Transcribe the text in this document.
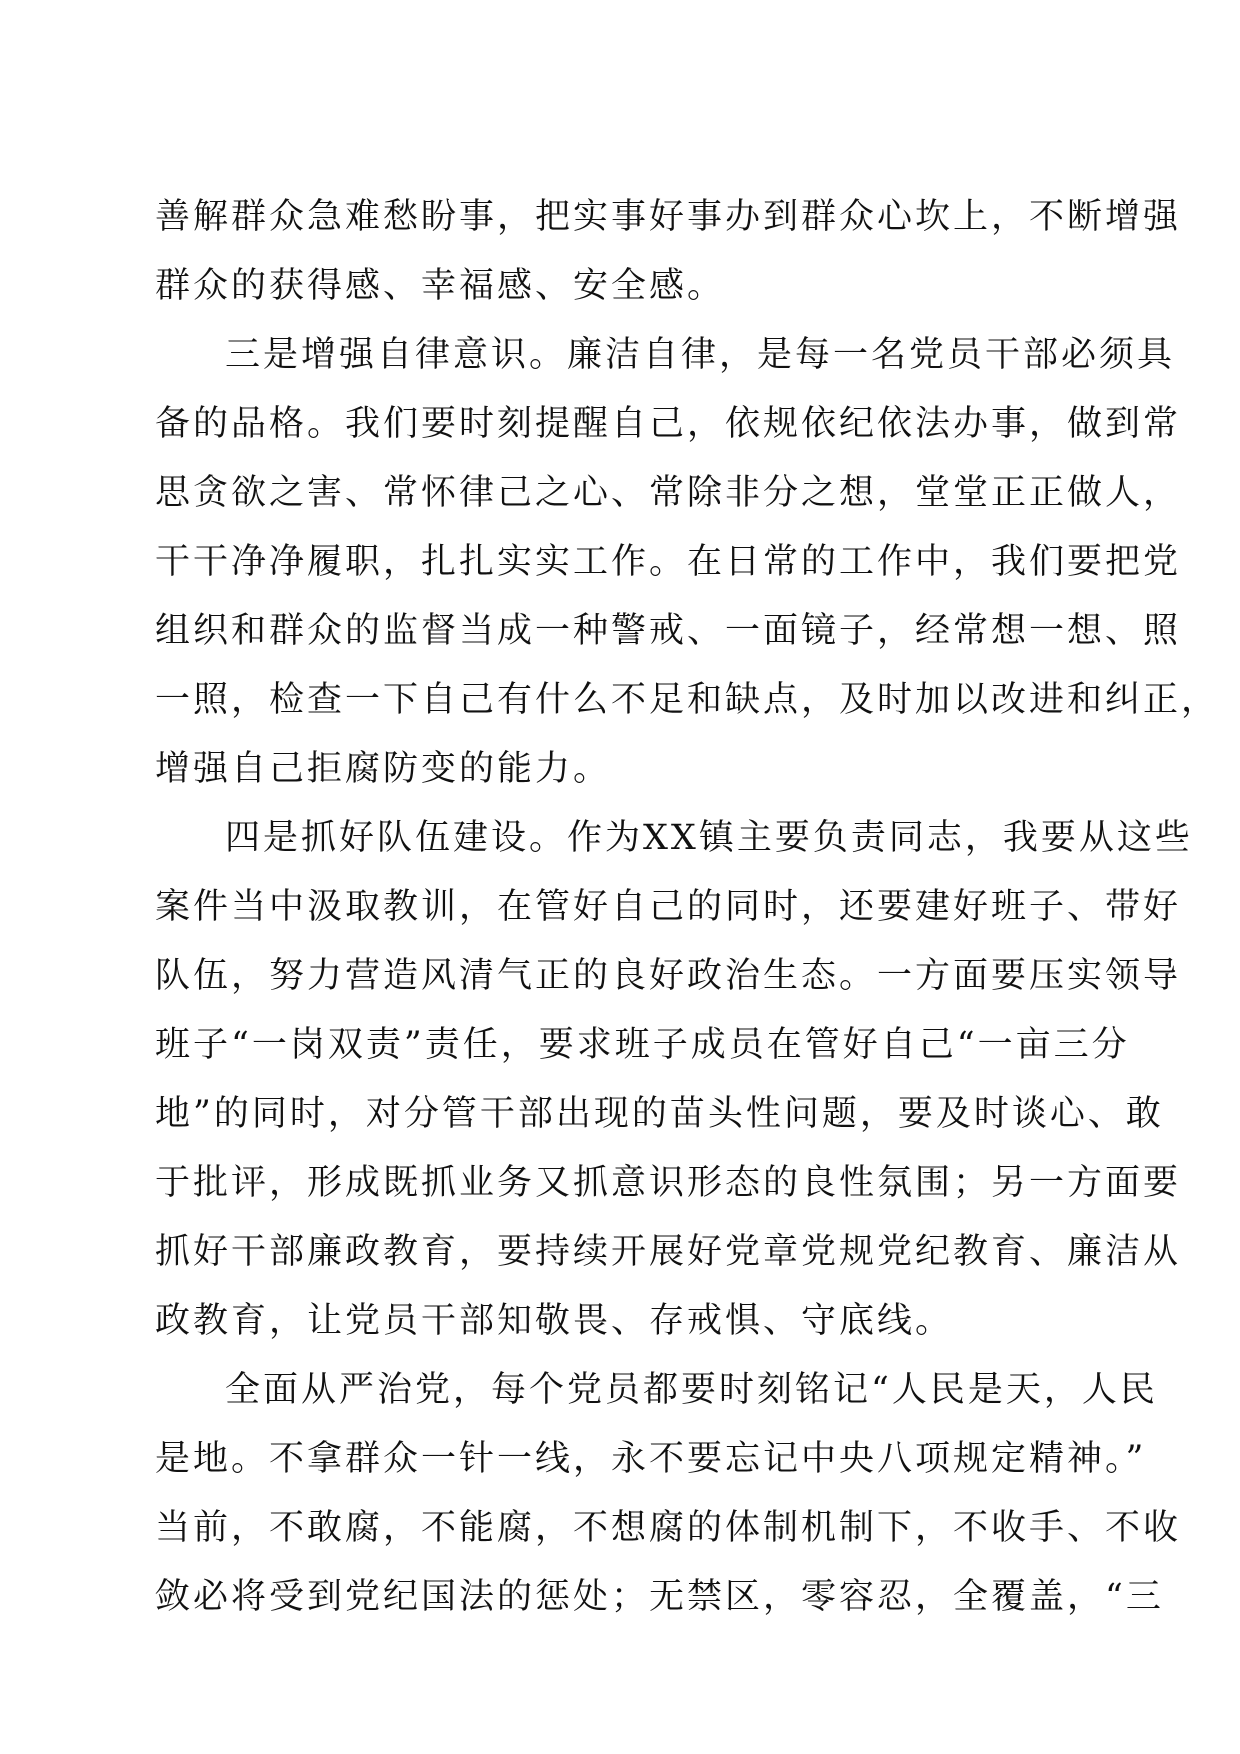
善解群众急难愁盼事，把实事好事办到群众心坎上，不断增强
群众的获得感、幸福感、安全感。
三是增强自律意识。廉洁自律，是每一名党员干部必须具
备的品格。我们要时刻提醒自己，依规依纪依法办事，做到常
思贪欲之害、常怀律己之心、常除非分之想，堂堂正正做人，
干干净净履职，扎扎实实工作。在日常的工作中，我们要把党
组织和群众的监督当成一种警戒、一面镜子，经常想一想、照
一照，检查一下自己有什么不足和缺点，及时加以改进和纠正，
增强自己拒腐防变的能力。
四是抓好队伍建设。作为XX镇主要负责同志，我要从这些
案件当中汲取教训，在管好自己的同时，还要建好班子、带好
队伍，努力营造风清气正的良好政治生态。一方面要压实领导
班子“一岗双责”责任，要求班子成员在管好自己“一亩三分
地”的同时，对分管干部出现的苗头性问题，要及时谈心、敢
于批评，形成既抓业务又抓意识形态的良性氛围；另一方面要
抓好干部廉政教育，要持续开展好党章党规党纪教育、廉洁从
政教育，让党员干部知敬畏、存戒惧、守底线。
全面从严治党，每个党员都要时刻铭记“人民是天，人民
是地。不拿群众一针一线，永不要忘记中央八项规定精神。”
当前，不敢腐，不能腐，不想腐的体制机制下，不收手、不收
敛必将受到党纪国法的惩处；无禁区，零容忍，全覆盖，“三
